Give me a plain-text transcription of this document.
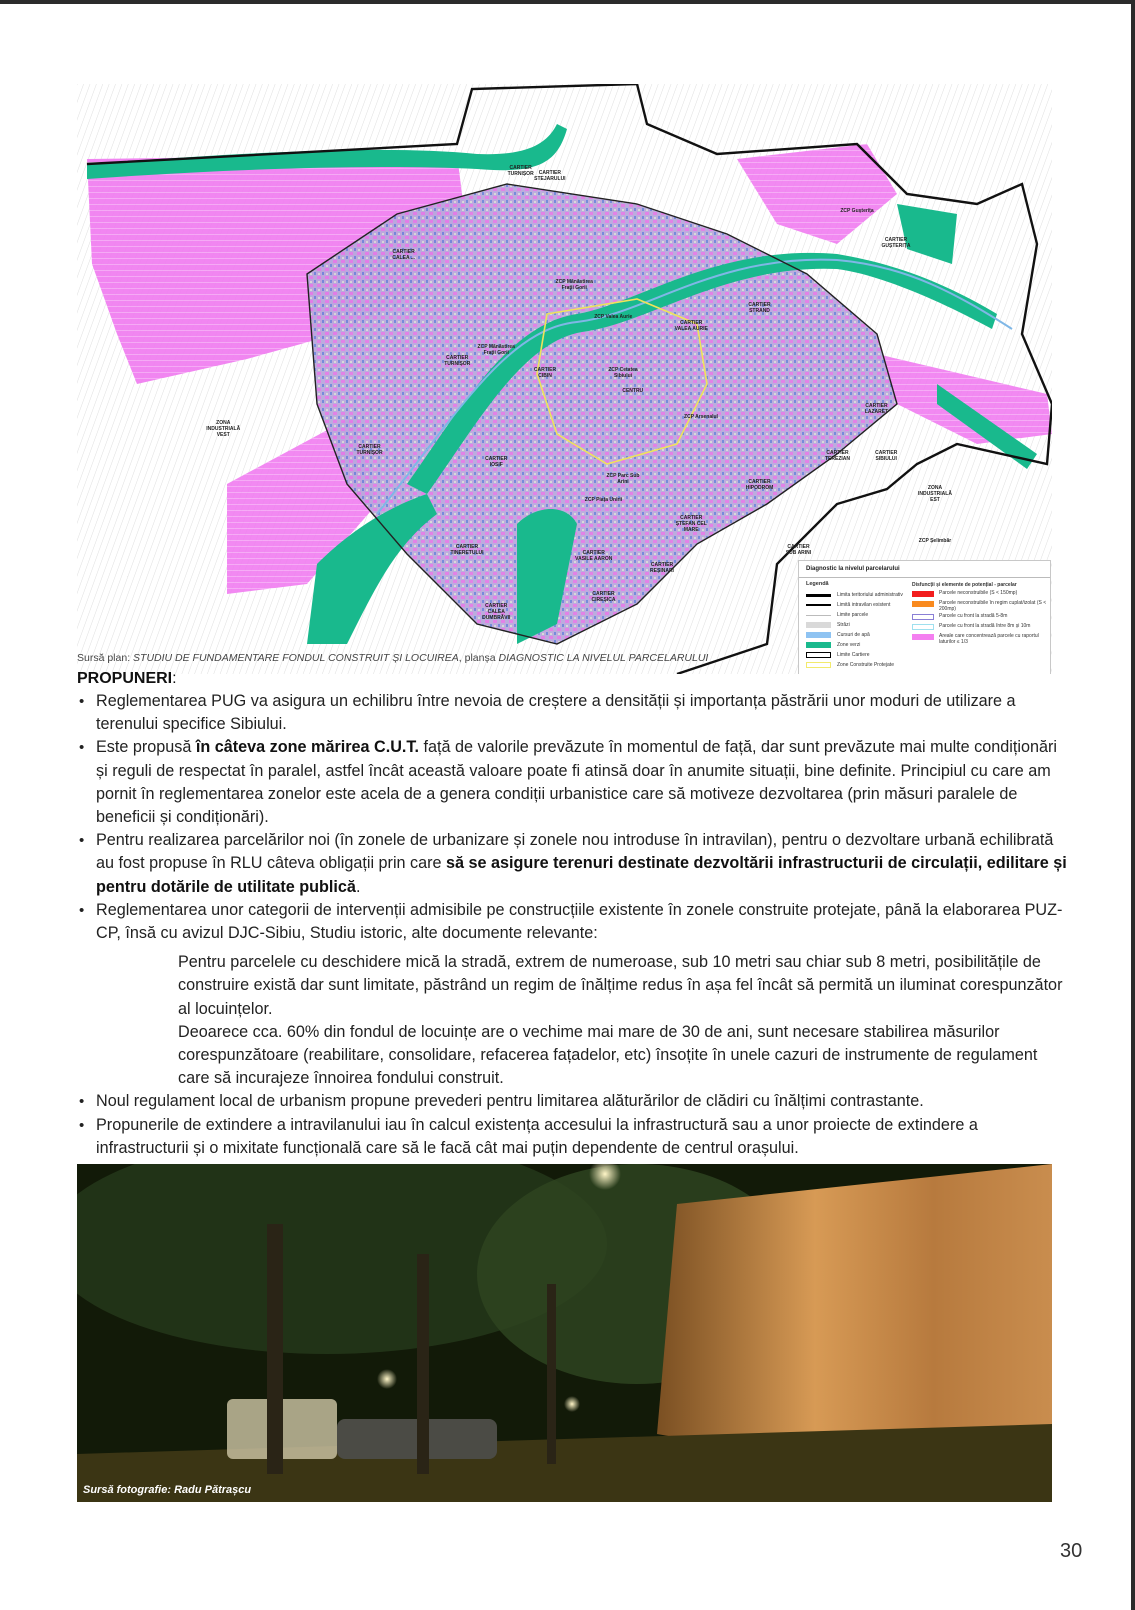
CARTIER
TURNIȘOR	CARTIER
STEJARULUI
CARTIER
CALEA ...
CARTIER
VALEA AURIE
ZCP Mănăstirea Fraţii Gorii
ZCP Valea Aurie
ZCP Mănăstirea Fraţii Gorii
ZCP Cetatea Sibiului
CENTRU
ZCP Arsenalul
ZCP Parc Sub Arini
ZCP Piața Unirii
CARTIER
CIBIN
CARTIER
TURNIȘOR
CARTIER
HIPODROM
CARTIER
TEREZIAN
CARTIER
LAZARET
CARTIER
GUȘTERIȚA
CARTIER
STRAND
CARTIER
VASILE AARON
CARTIER
REȘINARI
CARTIER
ȘTEFAN CEL MARE
CARTIER
IOSIF
CARTIER
CIREȘICA
CARTIER
CALEA DUMBRĂVII
ZONA
INDUSTRIALĂ VEST
CARTIER
TINERETULUI
CARTIER
TURNIȘOR
ZCP Șelimbăr
CARTIER
SUB ARINI
ZCP Gușterița
CARTIER
SIBIULUI
ZONA
INDUSTRIALĂ EST
Diagnostic la nivelul parcelarului
Legendă	Disfuncții și elemente de potențial - parcelar
Limita teritoriului administrativ
Limită intravilan existent
Limite parcele
Străzi
Cursuri de apă
Zone verzi
Limite Cartiere
Zone Construite Protejate
Parcele neconstruibile (S < 150mp)
Parcele neconstruibile în regim cuplat/izolat (S < 200mp)
Parcele cu front la stradă 5-8m
Parcele cu front la stradă între 8m și 10m
Areale care concentrează parcele cu raportul laturilor ≤ 1/3
Sursă plan: STUDIU DE FUNDAMENTARE FONDUL CONSTRUIT ȘI LOCUIREA, planșa DIAGNOSTIC LA NIVELUL PARCELARULUI
PROPUNERI:
• Reglementarea PUG va asigura un echilibru între nevoia de creștere a densității și importanța păstrării unor moduri de utilizare a terenului specifice Sibiului.
• Este propusă în câteva zone mărirea C.U.T. față de valorile prevăzute în momentul de față, dar sunt prevăzute mai multe condiționări și reguli de respectat în paralel, astfel încât această valoare poate fi atinsă doar în anumite situații, bine definite. Principiul cu care am pornit în reglementarea zonelor este acela de a genera condiții urbanistice care să motiveze dezvoltarea (prin măsuri paralele de beneficii și condiționări).
• Pentru realizarea parcelărilor noi (în zonele de urbanizare și zonele nou introduse în intravilan), pentru o dezvoltare urbană echilibrată au fost propuse în RLU câteva obligații prin care să se asigure terenuri destinate dezvoltării infrastructurii de circulații, edilitare și pentru dotările de utilitate publică.
• Reglementarea unor categorii de intervenții admisibile pe construcțiile existente în zonele construite protejate, până la elaborarea PUZ-CP, însă cu avizul DJC-Sibiu, Studiu istoric, alte documente relevante:
Pentru parcelele cu deschidere mică la stradă, extrem de numeroase, sub 10 metri sau chiar sub 8 metri, posibilitățile de construire există dar sunt limitate, păstrând un regim de înălțime redus în așa fel încât să permită un iluminat corespunzător al locuințelor.
Deoarece cca. 60% din fondul de locuințe are o vechime mai mare de 30 de ani, sunt necesare stabilirea măsurilor corespunzătoare (reabilitare, consolidare, refacerea fațadelor, etc) însoțite în unele cazuri de instrumente de regulament care să incurajeze înnoirea fondului construit.
• Noul regulament local de urbanism propune prevederi pentru limitarea alăturărilor de clădiri cu înălțimi contrastante.
• Propunerile de extindere a intravilanului iau în calcul existența accesului la infrastructură sau a unor proiecte de extindere a infrastructurii și o mixitate funcțională care să le facă cât mai puțin dependente de centrul orașului.
Sursă fotografie: Radu Pătrașcu
30
